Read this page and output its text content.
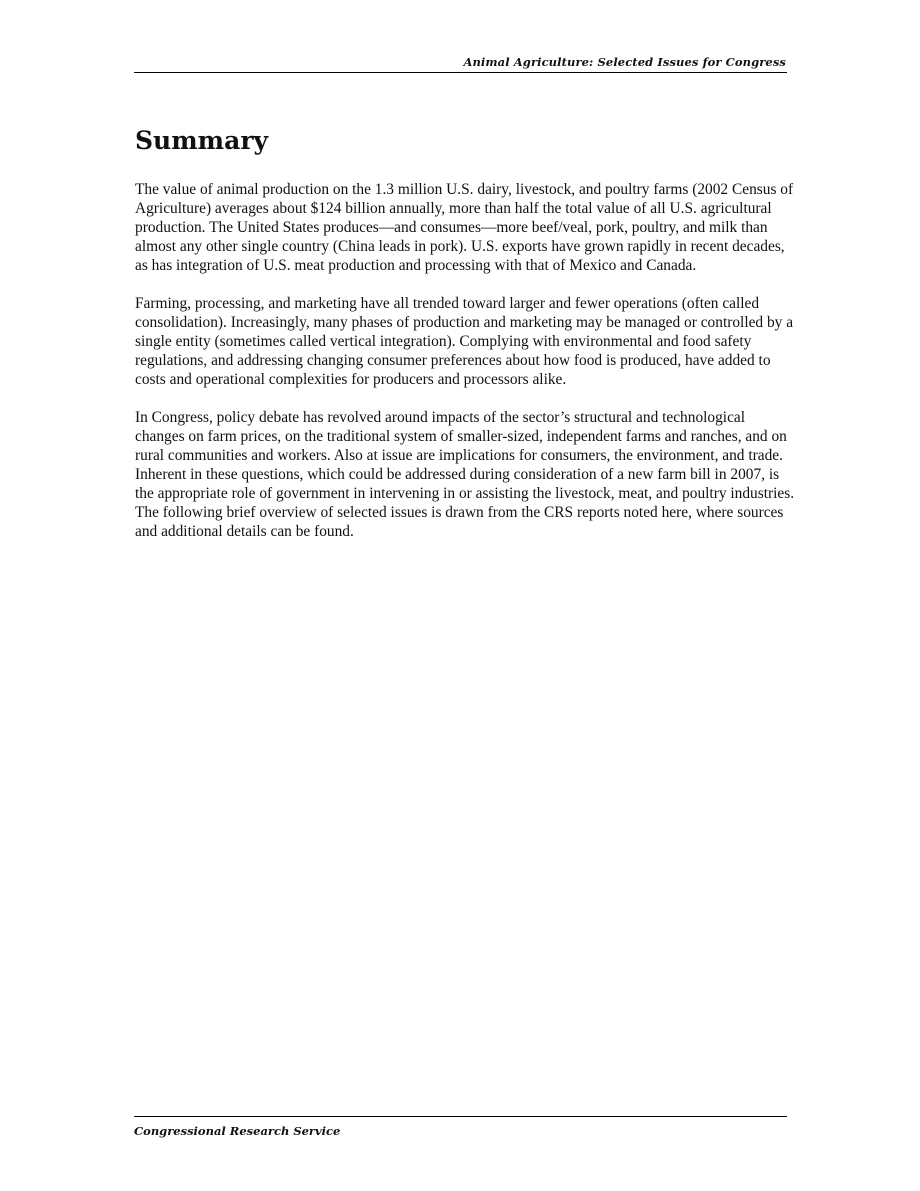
Animal Agriculture: Selected Issues for Congress
Summary

The value of animal production on the 1.3 million U.S. dairy, livestock, and poultry farms (2002 Census of Agriculture) averages about $124 billion annually, more than half the total value of all U.S. agricultural production. The United States produces—and consumes—more beef/veal, pork, poultry, and milk than almost any other single country (China leads in pork). U.S. exports have grown rapidly in recent decades, as has integration of U.S. meat production and processing with that of Mexico and Canada.

Farming, processing, and marketing have all trended toward larger and fewer operations (often called consolidation). Increasingly, many phases of production and marketing may be managed or controlled by a single entity (sometimes called vertical integration). Complying with environmental and food safety regulations, and addressing changing consumer preferences about how food is produced, have added to costs and operational complexities for producers and processors alike.

In Congress, policy debate has revolved around impacts of the sector’s structural and technological changes on farm prices, on the traditional system of smaller-sized, independent farms and ranches, and on rural communities and workers. Also at issue are implications for consumers, the environment, and trade. Inherent in these questions, which could be addressed during consideration of a new farm bill in 2007, is the appropriate role of government in intervening in or assisting the livestock, meat, and poultry industries. The following brief overview of selected issues is drawn from the CRS reports noted here, where sources and additional details can be found.

Congressional Research Service
